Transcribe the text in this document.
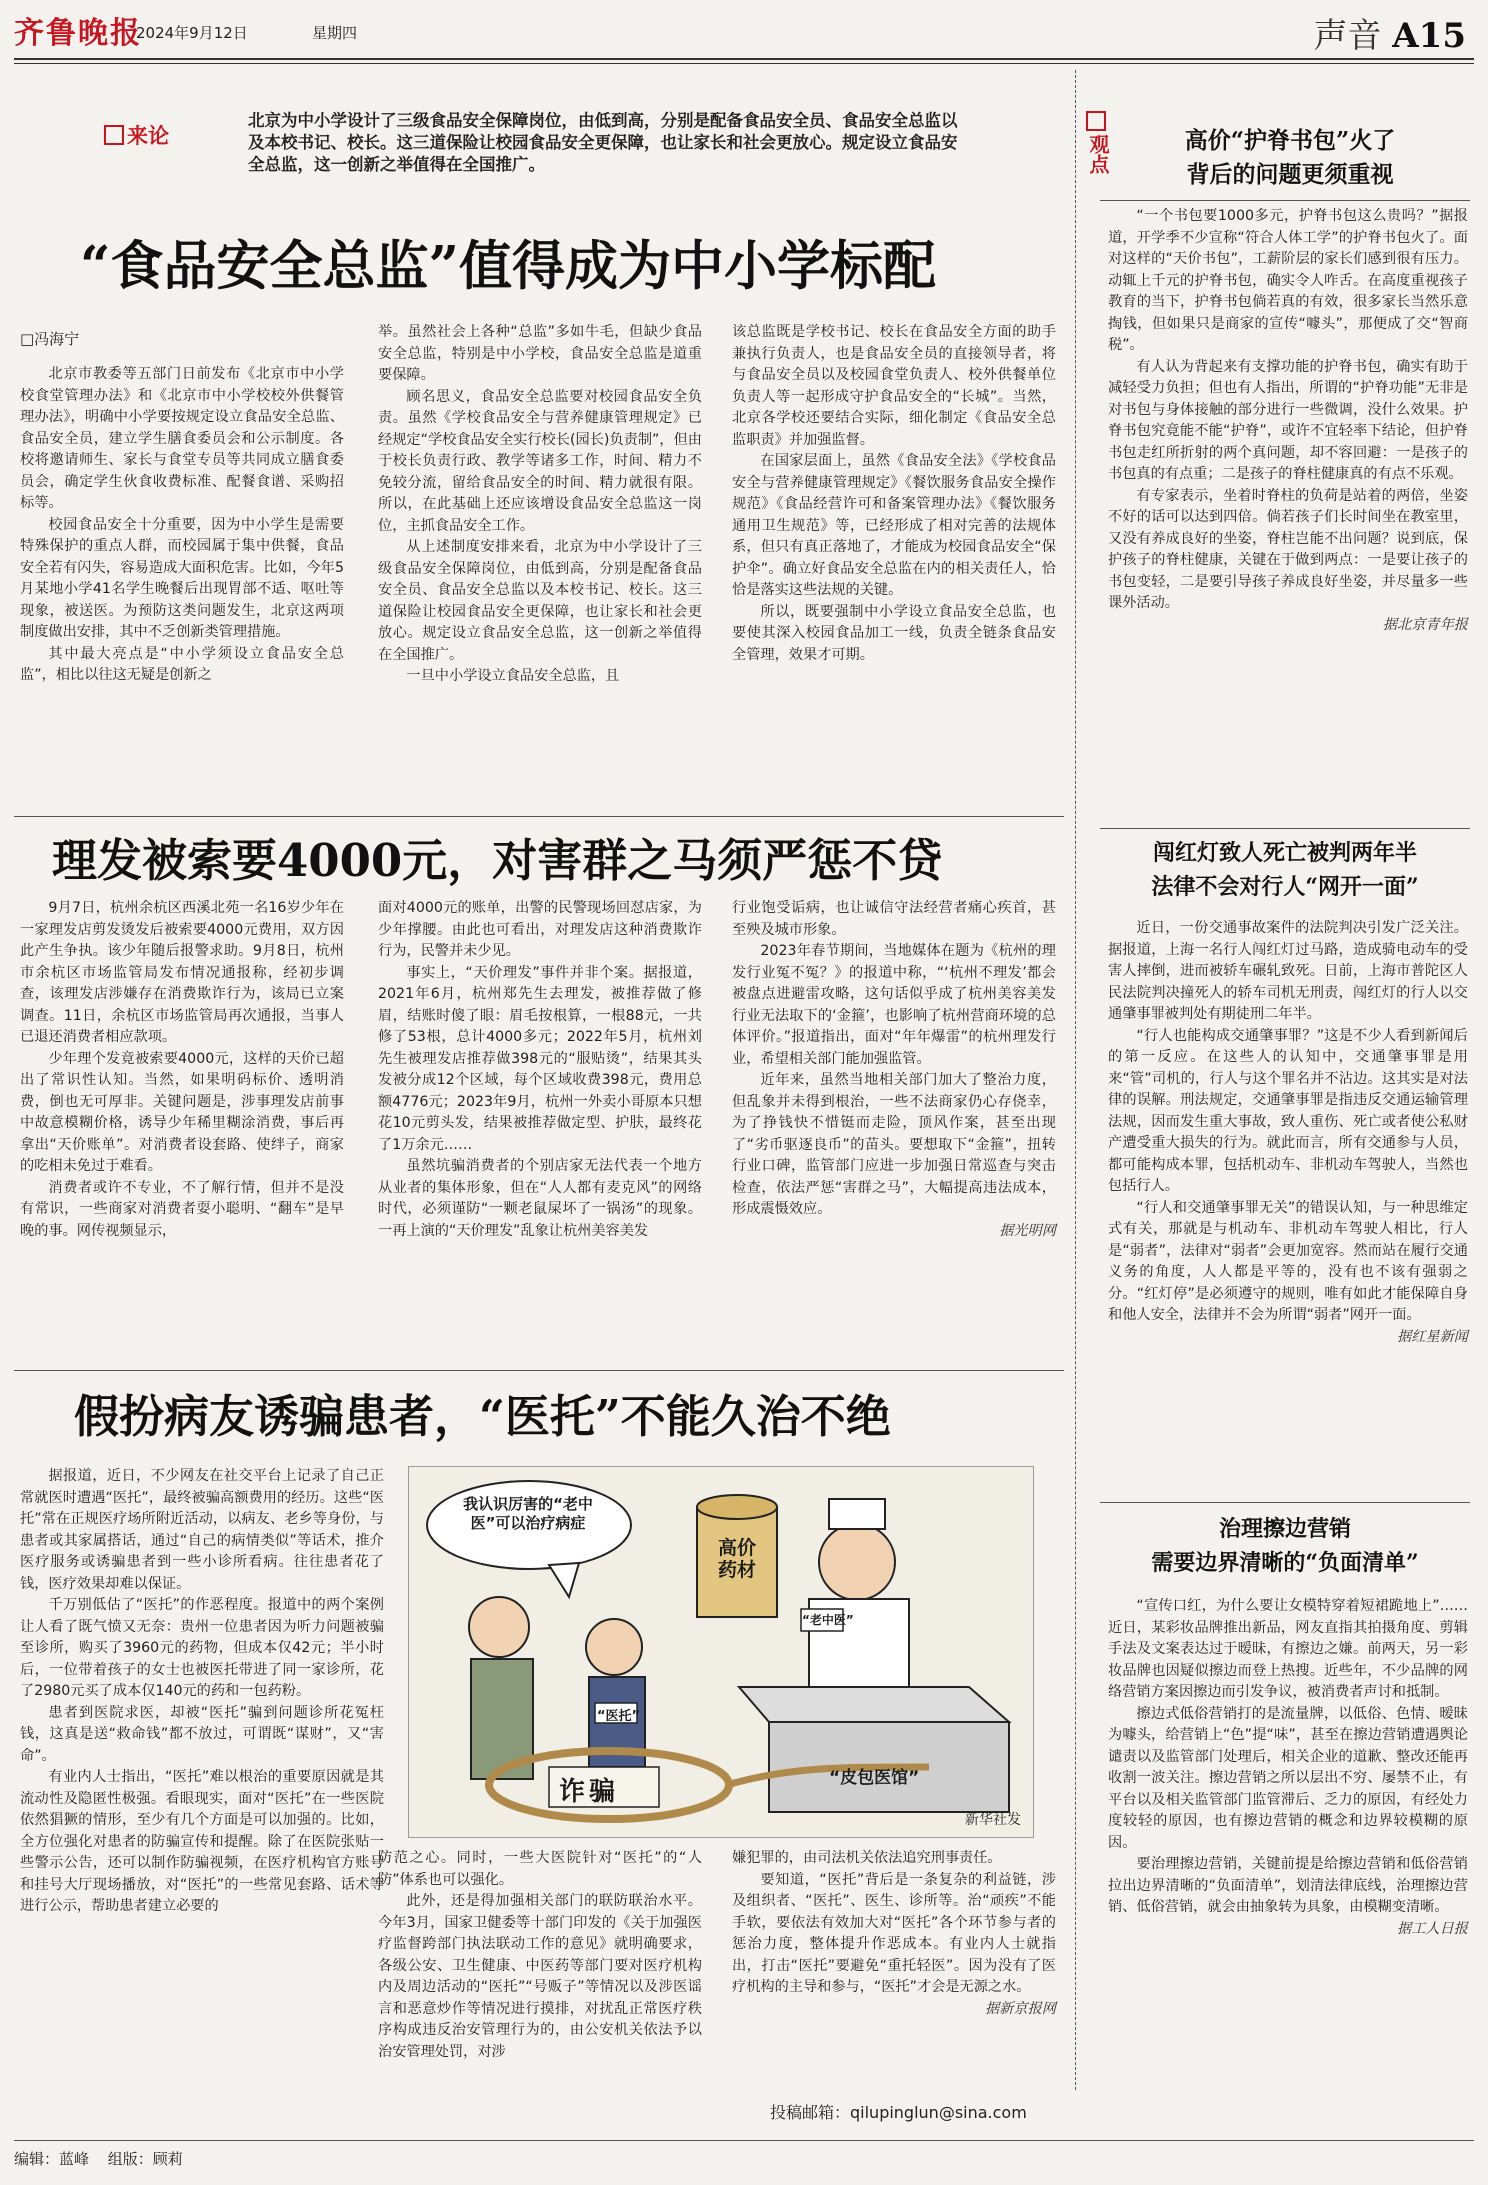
齐鲁晚报
2024年9月12日	星期四	声音 A15
来论
北京为中小学设计了三级食品安全保障岗位，由低到高，分别是配备食品安全员、食品安全总监以及本校书记、校长。这三道保险让校园食品安全更保障，也让家长和社会更放心。规定设立食品安全总监，这一创新之举值得在全国推广。
“食品安全总监”值得成为中小学标配
□冯海宁

北京市教委等五部门日前发布《北京市中小学校食堂管理办法》和《北京市中小学校校外供餐管理办法》，明确中小学要按规定设立食品安全总监、食品安全员，建立学生膳食委员会和公示制度。各校将邀请师生、家长与食堂专员等共同成立膳食委员会，确定学生伙食收费标准、配餐食谱、采购招标等。

校园食品安全十分重要，因为中小学生是需要特殊保护的重点人群，而校园属于集中供餐，食品安全若有闪失，容易造成大面积危害。比如，今年5月某地小学41名学生晚餐后出现胃部不适、呕吐等现象，被送医。为预防这类问题发生，北京这两项制度做出安排，其中不乏创新类管理措施。

其中最大亮点是“中小学须设立食品安全总监”，相比以往这无疑是创新之

举。虽然社会上各种“总监”多如牛毛，但缺少食品安全总监，特别是中小学校，食品安全总监是道重要保障。

顾名思义，食品安全总监要对校园食品安全负责。虽然《学校食品安全与营养健康管理规定》已经规定“学校食品安全实行校长(园长)负责制”，但由于校长负责行政、教学等诸多工作，时间、精力不免较分流，留给食品安全的时间、精力就很有限。所以，在此基础上还应该增设食品安全总监这一岗位，主抓食品安全工作。

从上述制度安排来看，北京为中小学设计了三级食品安全保障岗位，由低到高，分别是配备食品安全员、食品安全总监以及本校书记、校长。这三道保险让校园食品安全更保障，也让家长和社会更放心。规定设立食品安全总监，这一创新之举值得在全国推广。

一旦中小学设立食品安全总监，且

该总监既是学校书记、校长在食品安全方面的助手兼执行负责人，也是食品安全员的直接领导者，将与食品安全员以及校园食堂负责人、校外供餐单位负责人等一起形成守护食品安全的“长城”。当然，北京各学校还要结合实际，细化制定《食品安全总监职责》并加强监督。

在国家层面上，虽然《食品安全法》《学校食品安全与营养健康管理规定》《餐饮服务食品安全操作规范》《食品经营许可和备案管理办法》《餐饮服务通用卫生规范》等，已经形成了相对完善的法规体系，但只有真正落地了，才能成为校园食品安全“保护伞”。确立好食品安全总监在内的相关责任人，恰恰是落实这些法规的关键。

所以，既要强制中小学设立食品安全总监，也要使其深入校园食品加工一线，负责全链条食品安全管理，效果才可期。

理发被索要4000元，对害群之马须严惩不贷

9月7日，杭州余杭区西溪北苑一名16岁少年在一家理发店剪发烫发后被索要4000元费用，双方因此产生争执。该少年随后报警求助。9月8日，杭州市余杭区市场监管局发布情况通报称，经初步调查，该理发店涉嫌存在消费欺诈行为，该局已立案调查。11日，余杭区市场监管局再次通报，当事人已退还消费者相应款项。

少年理个发竟被索要4000元，这样的天价已超出了常识性认知。当然，如果明码标价、透明消费，倒也无可厚非。关键问题是，涉事理发店前事中故意模糊价格，诱导少年稀里糊涂消费，事后再拿出“天价账单”。对消费者设套路、使绊子，商家的吃相未免过于难看。

消费者或许不专业，不了解行情，但并不是没有常识，一些商家对消费者耍小聪明、“翻车”是早晚的事。网传视频显示，

面对4000元的账单，出警的民警现场回怼店家，为少年撑腰。由此也可看出，对理发店这种消费欺诈行为，民警并未少见。

事实上，“天价理发”事件并非个案。据报道，2021年6月，杭州郑先生去理发，被推荐做了修眉，结账时傻了眼：眉毛按根算，一根88元，一共修了53根，总计4000多元；2022年5月，杭州刘先生被理发店推荐做398元的“服贴烫”，结果其头发被分成12个区域，每个区域收费398元，费用总额4776元；2023年9月，杭州一外卖小哥原本只想花10元剪头发，结果被推荐做定型、护肤，最终花了1万余元……

虽然坑骗消费者的个别店家无法代表一个地方从业者的集体形象，但在“人人都有麦克风”的网络时代，必须谨防“一颗老鼠屎坏了一锅汤”的现象。一再上演的“天价理发”乱象让杭州美容美发

行业饱受诟病，也让诚信守法经营者痛心疾首，甚至殃及城市形象。

2023年春节期间，当地媒体在题为《杭州的理发行业冤不冤？》的报道中称，“‘杭州不理发’都会被盘点进避雷攻略，这句话似乎成了杭州美容美发行业无法取下的‘金箍’，也影响了杭州营商环境的总体评价。”报道指出，面对“年年爆雷”的杭州理发行业，希望相关部门能加强监管。

近年来，虽然当地相关部门加大了整治力度，但乱象并未得到根治，一些不法商家仍心存侥幸，为了挣钱快不惜铤而走险，顶风作案，甚至出现了“劣币驱逐良币”的苗头。要想取下“金箍”，扭转行业口碑，监管部门应进一步加强日常巡查与突击检查，依法严惩“害群之马”，大幅提高违法成本，形成震慑效应。

据光明网
假扮病友诱骗患者，“医托”不能久治不绝

据报道，近日，不少网友在社交平台上记录了自己正常就医时遭遇“医托”，最终被骗高额费用的经历。这些“医托”常在正规医疗场所附近活动，以病友、老乡等身份，与患者或其家属搭话，通过“自己的病情类似”等话术，推介医疗服务或诱骗患者到一些小诊所看病。往往患者花了钱，医疗效果却难以保证。

千万别低估了“医托”的作恶程度。报道中的两个案例让人看了既气愤又无奈：贵州一位患者因为听力问题被骗至诊所，购买了3960元的药物，但成本仅42元；半小时后，一位带着孩子的女士也被医托带进了同一家诊所，花了2980元买了成本仅140元的药和一包药粉。

患者到医院求医，却被“医托”骗到问题诊所花冤枉钱，这真是送“救命钱”都不放过，可谓既“谋财”，又“害命”。

有业内人士指出，“医托”难以根治的重要原因就是其流动性及隐匿性极强。看眼现实，面对“医托”在一些医院依然猖獗的情形，至少有几个方面是可以加强的。比如，全方位强化对患者的防骗宣传和提醒。除了在医院张贴一些警示公告，还可以制作防骗视频，在医疗机构官方账号和挂号大厅现场播放，对“医托”的一些常见套路、话术等进行公示，帮助患者建立必要的

防范之心。同时，一些大医院针对“医托”的“人防”体系也可以强化。

此外，还是得加强相关部门的联防联治水平。今年3月，国家卫健委等十部门印发的《关于加强医疗监督跨部门执法联动工作的意见》就明确要求，各级公安、卫生健康、中医药等部门要对医疗机构内及周边活动的“医托”“号贩子”等情况以及涉医谣言和恶意炒作等情况进行摸排，对扰乱正常医疗秩序构成违反治安管理行为的，由公安机关依法予以治安管理处罚，对涉

嫌犯罪的，由司法机关依法追究刑事责任。

要知道，“医托”背后是一条复杂的利益链，涉及组织者、“医托”、医生、诊所等。治“顽疾”不能手软，要依法有效加大对“医托”各个环节参与者的惩治力度，整体提升作恶成本。有业内人士就指出，打击“医托”要避免“重托轻医”。因为没有了医疗机构的主导和参与，“医托”才会是无源之水。

据新京报网
投稿邮箱：qilupinglun@sina.com
我认识厉害的“老中医”可以治疗病症
高价药材
“老中医”
“皮包医馆”
“医托”
诈骗
新华社发
观点	高价“护脊书包”火了
背后的问题更须重视

“一个书包要1000多元，护脊书包这么贵吗？”据报道，开学季不少宣称“符合人体工学”的护脊书包火了。面对这样的“天价书包”，工薪阶层的家长们感到很有压力。动辄上千元的护脊书包，确实令人咋舌。在高度重视孩子教育的当下，护脊书包倘若真的有效，很多家长当然乐意掏钱，但如果只是商家的宣传“噱头”，那便成了交“智商税”。

有人认为背起来有支撑功能的护脊书包，确实有助于减轻受力负担；但也有人指出，所谓的“护脊功能”无非是对书包与身体接触的部分进行一些微调，没什么效果。护脊书包究竟能不能“护脊”，或许不宜轻率下结论，但护脊书包走红所折射的两个真问题，却不容回避：一是孩子的书包真的有点重；二是孩子的脊柱健康真的有点不乐观。

有专家表示，坐着时脊柱的负荷是站着的两倍，坐姿不好的话可以达到四倍。倘若孩子们长时间坐在教室里，又没有养成良好的坐姿，脊柱岂能不出问题？说到底，保护孩子的脊柱健康，关键在于做到两点：一是要让孩子的书包变轻，二是要引导孩子养成良好坐姿，并尽量多一些课外活动。

据北京青年报
闯红灯致人死亡被判两年半
法律不会对行人“网开一面”

近日，一份交通事故案件的法院判决引发广泛关注。据报道，上海一名行人闯红灯过马路，造成骑电动车的受害人摔倒，进而被轿车碾轧致死。日前，上海市普陀区人民法院判决撞死人的轿车司机无刑责，闯红灯的行人以交通肇事罪被判处有期徒刑二年半。

“行人也能构成交通肇事罪？”这是不少人看到新闻后的第一反应。在这些人的认知中，交通肇事罪是用来“管”司机的，行人与这个罪名并不沾边。这其实是对法律的误解。刑法规定，交通肇事罪是指违反交通运输管理法规，因而发生重大事故，致人重伤、死亡或者使公私财产遭受重大损失的行为。就此而言，所有交通参与人员，都可能构成本罪，包括机动车、非机动车驾驶人，当然也包括行人。

“行人和交通肇事罪无关”的错误认知，与一种思维定式有关，那就是与机动车、非机动车驾驶人相比，行人是“弱者”，法律对“弱者”会更加宽容。然而站在履行交通义务的角度，人人都是平等的，没有也不该有强弱之分。“红灯停”是必须遵守的规则，唯有如此才能保障自身和他人安全，法律并不会为所谓“弱者”网开一面。

据红星新闻
治理擦边营销
需要边界清晰的“负面清单”

“宣传口红，为什么要让女模特穿着短裙跪地上”……近日，某彩妆品牌推出新品，网友直指其拍摄角度、剪辑手法及文案表达过于暧昧，有擦边之嫌。前两天，另一彩妆品牌也因疑似擦边而登上热搜。近些年，不少品牌的网络营销方案因擦边而引发争议，被消费者声讨和抵制。

擦边式低俗营销打的是流量牌，以低俗、色情、暧昧为噱头，给营销上“色”提“味”，甚至在擦边营销遭遇舆论谴责以及监管部门处理后，相关企业的道歉、整改还能再收割一波关注。擦边营销之所以层出不穷、屡禁不止，有平台以及相关监管部门监管滞后、乏力的原因，有经处力度较轻的原因，也有擦边营销的概念和边界较模糊的原因。

要治理擦边营销，关键前提是给擦边营销和低俗营销拉出边界清晰的“负面清单”，划清法律底线，治理擦边营销、低俗营销，就会由抽象转为具象，由模糊变清晰。

据工人日报
编辑：蓝峰 组版：顾莉
